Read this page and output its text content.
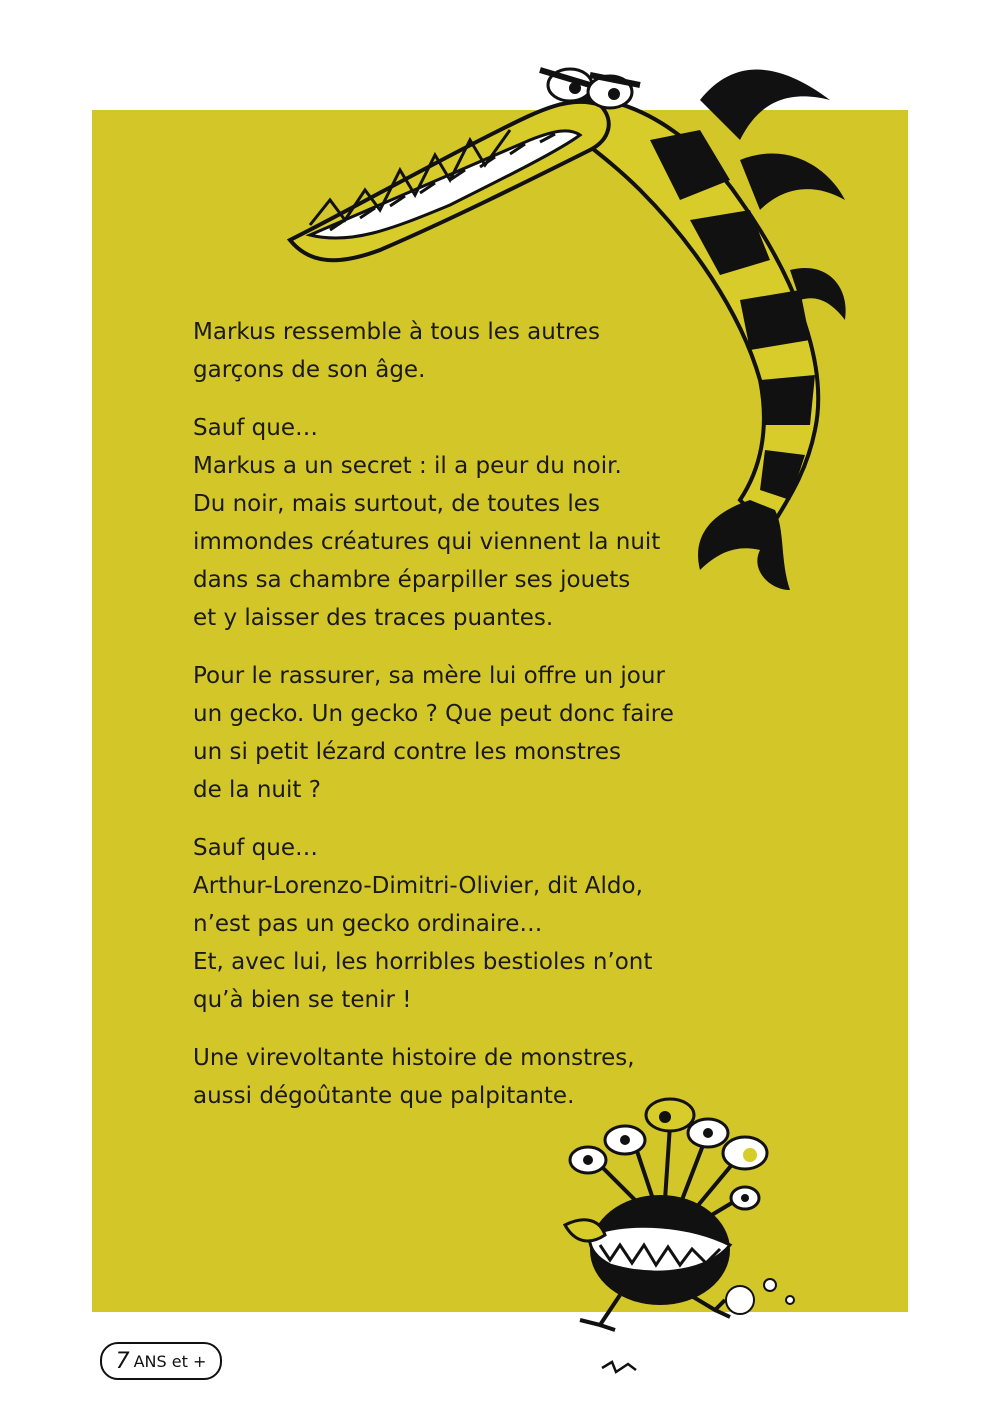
Markus ressemble à tous les autres
garçons de son âge.

Sauf que…
Markus a un secret : il a peur du noir.
Du noir, mais surtout, de toutes les
immondes créatures qui viennent la nuit
dans sa chambre éparpiller ses jouets
et y laisser des traces puantes.

Pour le rassurer, sa mère lui offre un jour
un gecko. Un gecko ? Que peut donc faire
un si petit lézard contre les monstres
de la nuit ?

Sauf que…
Arthur-Lorenzo-Dimitri-Olivier, dit Aldo,
n’est pas un gecko ordinaire…
Et, avec lui, les horribles bestioles n’ont
qu’à bien se tenir !

Une virevoltante histoire de monstres,
aussi dégoûtante que palpitante.

7 ANS et +
